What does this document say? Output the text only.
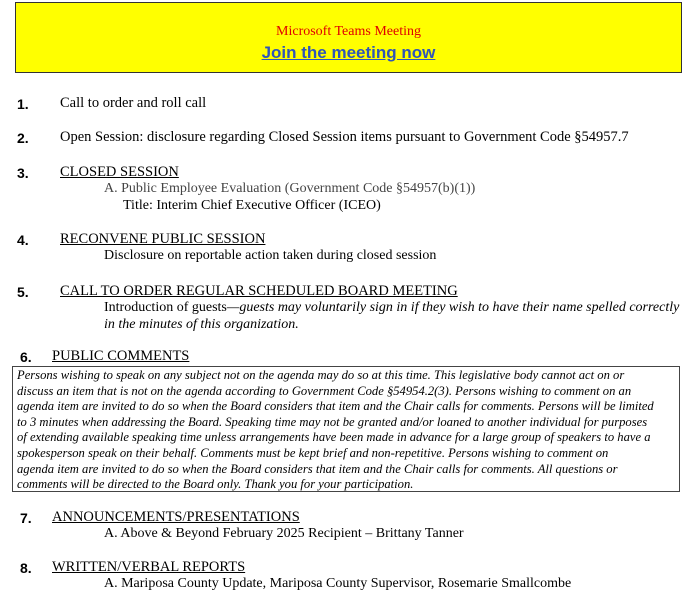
Microsoft Teams Meeting
Join the meeting now
1. Call to order and roll call
2. Open Session: disclosure regarding Closed Session items pursuant to Government Code §54957.7
3. CLOSED SESSION
A. Public Employee Evaluation (Government Code §54957(b)(1))
Title: Interim Chief Executive Officer (ICEO)
4. RECONVENE PUBLIC SESSION
Disclosure on reportable action taken during closed session
5. CALL TO ORDER REGULAR SCHEDULED BOARD MEETING
Introduction of guests—guests may voluntarily sign in if they wish to have their name spelled correctly
in the minutes of this organization.
6. PUBLIC COMMENTS
Persons wishing to speak on any subject not on the agenda may do so at this time. This legislative body cannot act on or
discuss an item that is not on the agenda according to Government Code §54954.2(3). Persons wishing to comment on an
agenda item are invited to do so when the Board considers that item and the Chair calls for comments. Persons will be limited
to 3 minutes when addressing the Board. Speaking time may not be granted and/or loaned to another individual for purposes
of extending available speaking time unless arrangements have been made in advance for a large group of speakers to have a
spokesperson speak on their behalf. Comments must be kept brief and non-repetitive. Persons wishing to comment on
agenda item are invited to do so when the Board considers that item and the Chair calls for comments. All questions or
comments will be directed to the Board only. Thank you for your participation.
7. ANNOUNCEMENTS/PRESENTATIONS
A. Above & Beyond February 2025 Recipient – Brittany Tanner
8. WRITTEN/VERBAL REPORTS
A. Mariposa County Update, Mariposa County Supervisor, Rosemarie Smallcombe
